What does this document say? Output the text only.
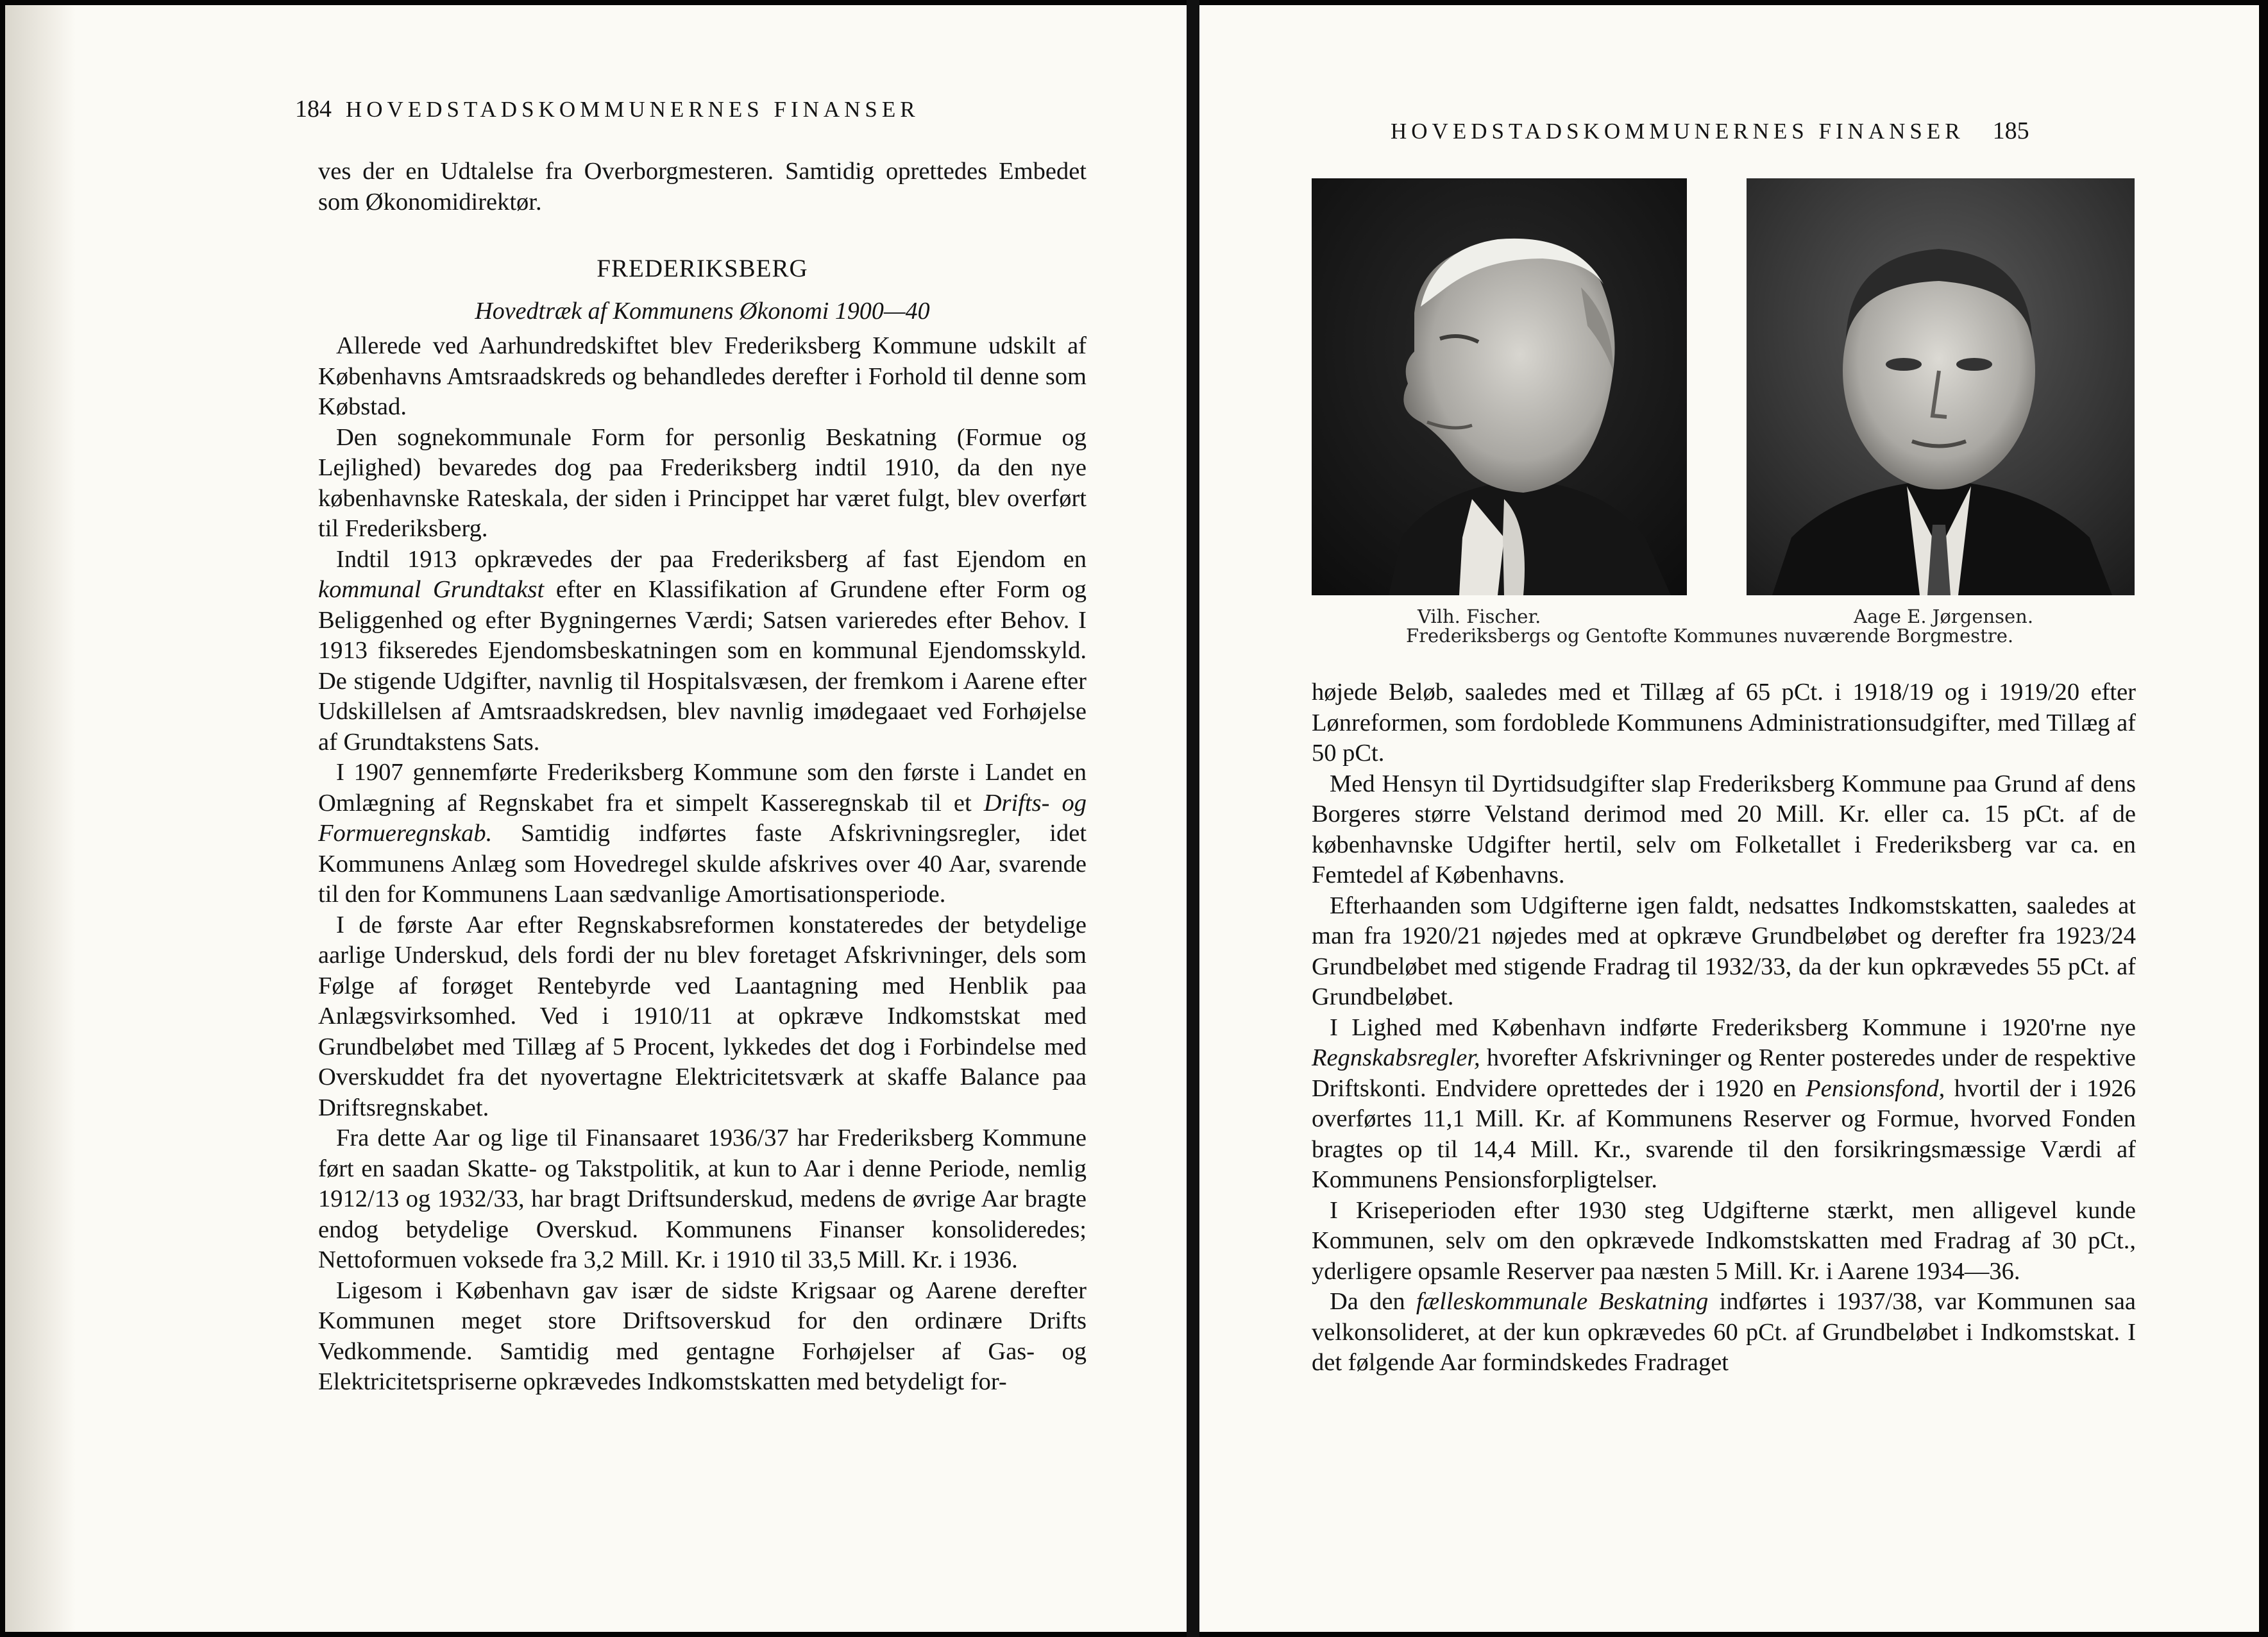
184 HOVEDSTADSKOMMUNERNES FINANSER

ves der en Udtalelse fra Overborgmesteren. Samtidig oprettedes Embedet som Økonomidirektør.

FREDERIKSBERG
Hovedtræk af Kommunens Økonomi 1900—40

Allerede ved Aarhundredskiftet blev Frederiksberg Kommune udskilt af Københavns Amtsraadskreds og behandledes derefter i Forhold til denne som Købstad.

Den sognekommunale Form for personlig Beskatning (Formue og Lejlighed) bevaredes dog paa Frederiksberg indtil 1910, da den nye københavnske Rateskala, der siden i Princippet har været fulgt, blev overført til Frederiksberg.

Indtil 1913 opkrævedes der paa Frederiksberg af fast Ejendom en kommunal Grundtakst efter en Klassifikation af Grundene efter Form og Beliggenhed og efter Bygningernes Værdi; Satsen varieredes efter Behov. I 1913 fikseredes Ejendomsbeskatningen som en kommunal Ejendomsskyld. De stigende Udgifter, navnlig til Hospitalsvæsen, der fremkom i Aarene efter Udskillelsen af Amtsraadskredsen, blev navnlig imødegaaet ved Forhøjelse af Grundtakstens Sats.

I 1907 gennemførte Frederiksberg Kommune som den første i Landet en Omlægning af Regnskabet fra et simpelt Kasseregnskab til et Drifts- og Formueregnskab. Samtidig indførtes faste Afskrivningsregler, idet Kommunens Anlæg som Hovedregel skulde afskrives over 40 Aar, svarende til den for Kommunens Laan sædvanlige Amortisationsperiode.

I de første Aar efter Regnskabsreformen konstateredes der betydelige aarlige Underskud, dels fordi der nu blev foretaget Afskrivninger, dels som Følge af forøget Rentebyrde ved Laantagning med Henblik paa Anlægsvirksomhed. Ved i 1910/11 at opkræve Indkomstskat med Grundbeløbet med Tillæg af 5 Procent, lykkedes det dog i Forbindelse med Overskuddet fra det nyovertagne Elektricitetsværk at skaffe Balance paa Driftsregnskabet.

Fra dette Aar og lige til Finansaaret 1936/37 har Frederiksberg Kommune ført en saadan Skatte- og Takstpolitik, at kun to Aar i denne Periode, nemlig 1912/13 og 1932/33, har bragt Driftsunderskud, medens de øvrige Aar bragte endog betydelige Overskud. Kommunens Finanser konsolideredes; Nettoformuen voksede fra 3,2 Mill. Kr. i 1910 til 33,5 Mill. Kr. i 1936.

Ligesom i København gav især de sidste Krigsaar og Aarene derefter Kommunen meget store Driftsoverskud for den ordinære Drifts Vedkommende. Samtidig med gentagne Forhøjelser af Gas- og Elektricitetspriserne opkrævedes Indkomstskatten med betydeligt for-

HOVEDSTADSKOMMUNERNES FINANSER 185
Vilh. Fischer.	Aage E. Jørgensen.
Frederiksbergs og Gentofte Kommunes nuværende Borgmestre.

højede Beløb, saaledes med et Tillæg af 65 pCt. i 1918/19 og i 1919/20 efter Lønreformen, som fordoblede Kommunens Administrationsudgifter, med Tillæg af 50 pCt.

Med Hensyn til Dyrtidsudgifter slap Frederiksberg Kommune paa Grund af dens Borgeres større Velstand derimod med 20 Mill. Kr. eller ca. 15 pCt. af de københavnske Udgifter hertil, selv om Folketallet i Frederiksberg var ca. en Femtedel af Københavns.

Efterhaanden som Udgifterne igen faldt, nedsattes Indkomstskatten, saaledes at man fra 1920/21 nøjedes med at opkræve Grundbeløbet og derefter fra 1923/24 Grundbeløbet med stigende Fradrag til 1932/33, da der kun opkrævedes 55 pCt. af Grundbeløbet.

I Lighed med København indførte Frederiksberg Kommune i 1920'rne nye Regnskabsregler, hvorefter Afskrivninger og Renter posteredes under de respektive Driftskonti. Endvidere oprettedes der i 1920 en Pensionsfond, hvortil der i 1926 overførtes 11,1 Mill. Kr. af Kommunens Reserver og Formue, hvorved Fonden bragtes op til 14,4 Mill. Kr., svarende til den forsikringsmæssige Værdi af Kommunens Pensionsforpligtelser.

I Kriseperioden efter 1930 steg Udgifterne stærkt, men alligevel kunde Kommunen, selv om den opkrævede Indkomstskatten med Fradrag af 30 pCt., yderligere opsamle Reserver paa næsten 5 Mill. Kr. i Aarene 1934—36.

Da den fælleskommunale Beskatning indførtes i 1937/38, var Kommunen saa velkonsolideret, at der kun opkrævedes 60 pCt. af Grundbeløbet i Indkomstskat. I det følgende Aar formindskedes Fradraget
